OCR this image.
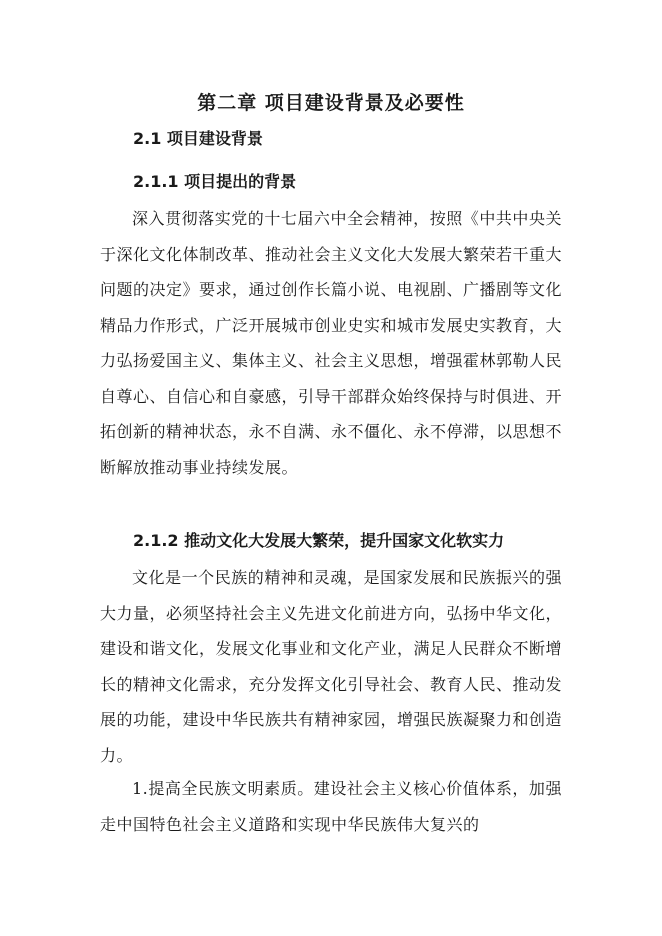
第二章 项目建设背景及必要性
2.1 项目建设背景
2.1.1 项目提出的背景

深入贯彻落实党的十七届六中全会精神，按照《中共中央关于深化文化体制改革、推动社会主义文化大发展大繁荣若干重大问题的决定》要求，通过创作长篇小说、电视剧、广播剧等文化精品力作形式，广泛开展城市创业史实和城市发展史实教育，大力弘扬爱国主义、集体主义、社会主义思想，增强霍林郭勒人民自尊心、自信心和自豪感，引导干部群众始终保持与时俱进、开拓创新的精神状态，永不自满、永不僵化、永不停滞，以思想不断解放推动事业持续发展。

2.1.2 推动文化大发展大繁荣，提升国家文化软实力

文化是一个民族的精神和灵魂，是国家发展和民族振兴的强大力量，必须坚持社会主义先进文化前进方向，弘扬中华文化，建设和谐文化，发展文化事业和文化产业，满足人民群众不断增长的精神文化需求，充分发挥文化引导社会、教育人民、推动发展的功能，建设中华民族共有精神家园，增强民族凝聚力和创造力。

1.提高全民族文明素质。建设社会主义核心价值体系，加强走中国特色社会主义道路和实现中华民族伟大复兴的
